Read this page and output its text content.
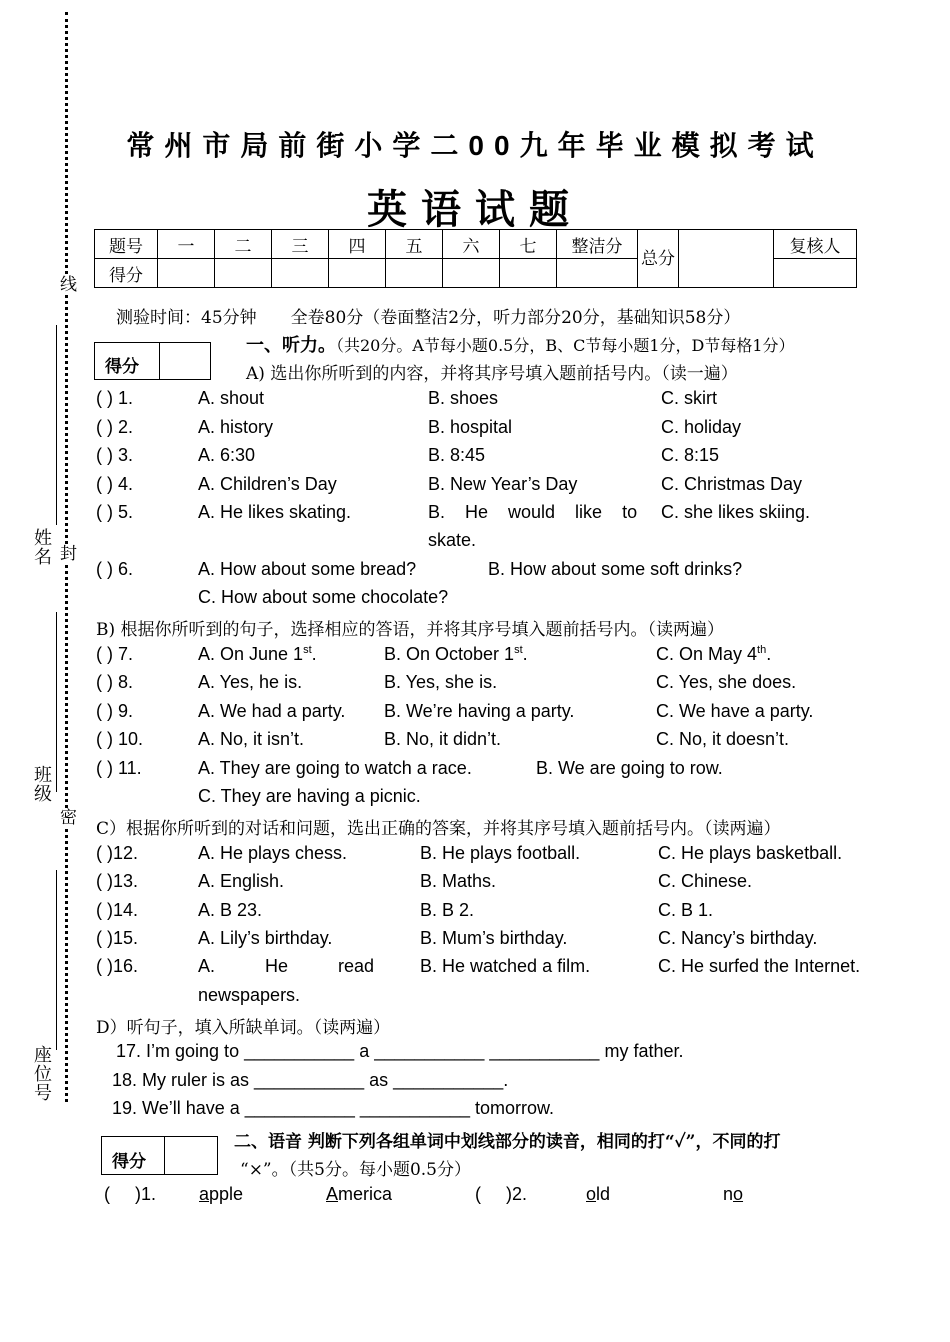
姓名
班级
座位号
线
封
密
常州市局前街小学二00九年毕业模拟考试
英语试题
题号	一	二	三	四	五	六	七	整洁分	总分		复核人
得分											
测验时间：45分钟　　全卷80分（卷面整洁2分，听力部分20分，基础知识58分）
得分
一、听力。（共20分。A节每小题0.5分，B、C节每小题1分，D节每格1分）
A) 选出你所听到的内容，并将其序号填入题前括号内。（读一遍）
( ) 1.	A. shout	B. shoes	C. skirt
( ) 2.	A. history	B. hospital	C. holiday
( ) 3.	A. 6:30	B. 8:45	C. 8:15
( ) 4.	A. Children’s Day	B. New Year’s Day	C. Christmas Day
( ) 5.	A. He likes skating.	B.    He    would    like    to
skate.
C. she likes skiing.
( ) 6.	A. How about some bread?	B. How about some soft drinks?
C. How about some chocolate?
B) 根据你所听到的句子，选择相应的答语，并将其序号填入题前括号内。（读两遍）
( ) 7.	A. On June 1st.	B. On October 1st.	C. On May 4th.
( ) 8.	A. Yes, he is.	B. Yes, she is.	C. Yes, she does.
( ) 9.	A. We had a party. B. We’re having a party.	C. We have a party.
( ) 10.	A. No, it isn’t.	B. No, it didn’t.	C. No, it doesn’t.
( ) 11.	A. They are going to watch a race.	B. We are going to row.
C. They are having a picnic.
C）根据你所听到的对话和问题，选出正确的答案，并将其序号填入题前括号内。（读两遍）
( )12.	A. He plays chess.	B. He plays football.	C. He plays basketball.
( )13.	A. English.	B. Maths.	C. Chinese.
( )14.	A. B 23.	B. B 2.	C. B 1.
( )15.	A. Lily’s birthday.	B. Mum’s birthday.	C. Nancy’s birthday.
( )16.	A.          He          read
newspapers.
B. He watched a film.	C. He surfed the Internet.
D）听句子，填入所缺单词。（读两遍）
17. I’m going to ___________ a ___________ ___________ my father.
18. My ruler is as ___________ as ___________.
19. We’ll have a ___________ ___________ tomorrow.
得分
二、语音 判断下列各组单词中划线部分的读音，相同的打“✓”，不同的打
“×”。（共5分。每小题0.5分）
(     )1. apple	America	(     )2.	old	no
